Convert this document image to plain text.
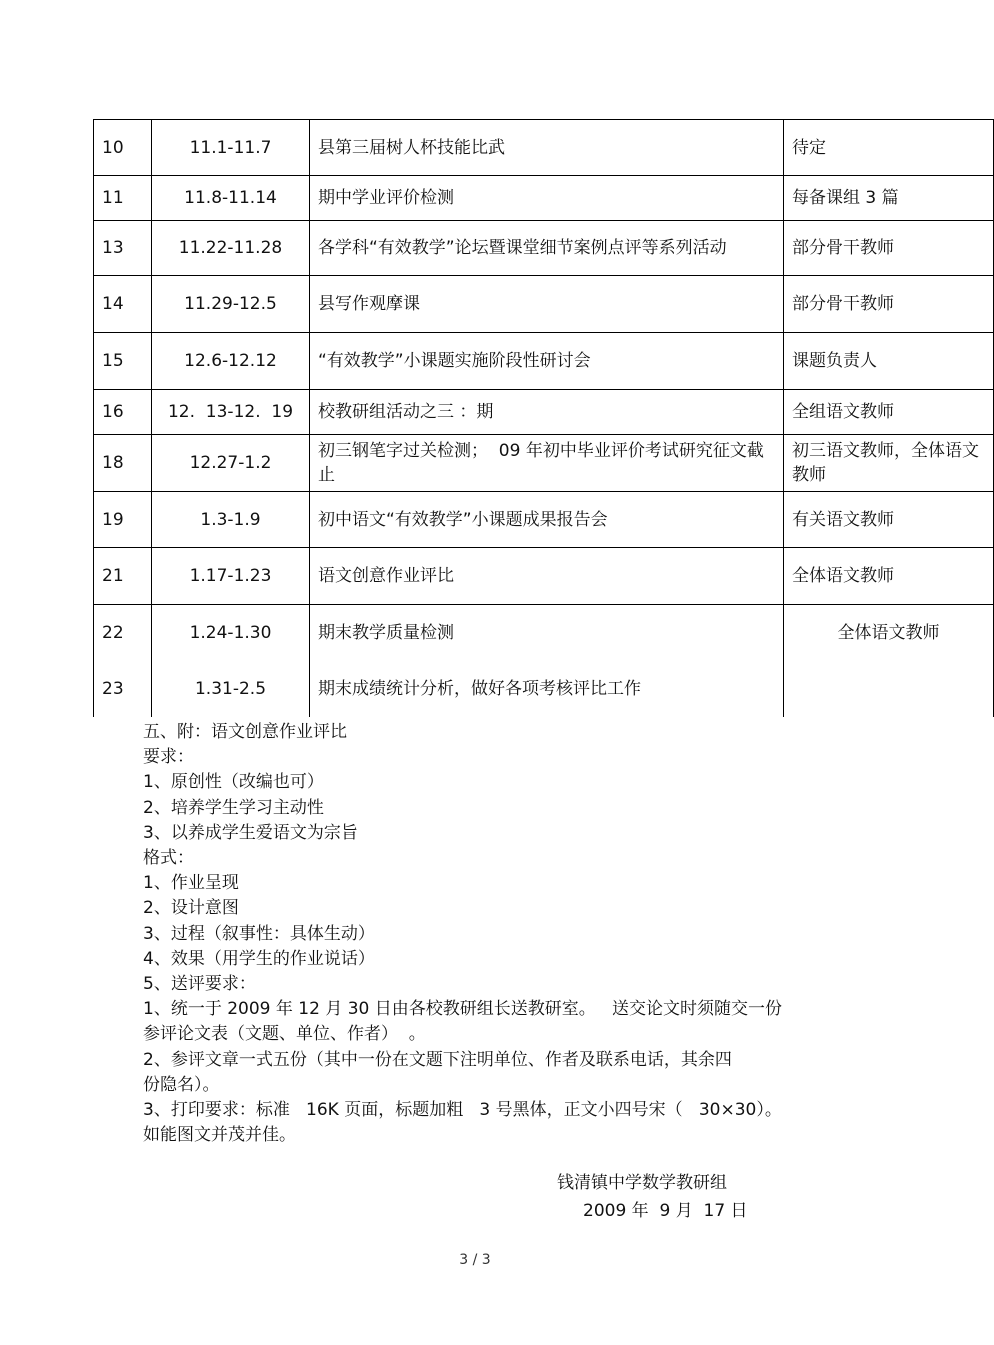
10	11.1-11.7	县第三届树人杯技能比武	待定
11	11.8-11.14	期中学业评价检测	每备课组 3 篇
13	11.22-11.28	各学科“有效教学”论坛暨课堂细节案例点评等系列活动	部分骨干教师
14	11.29-12.5	县写作观摩课	部分骨干教师
15	12.6-12.12	“有效教学”小课题实施阶段性研讨会	课题负责人
16	12.  13-12.  19	校教研组活动之三 ：期	全组语文教师
18	12.27-1.2	初三钢笔字过关检测；  09 年初中毕业评价考试研究征文截止	初三语文教师，全体语文教师
19	1.3-1.9	初中语文“有效教学”小课题成果报告会	有关语文教师
21	1.17-1.23	语文创意作业评比	全体语文教师
22	1.24-1.30	期末教学质量检测	全体语文教师
23	1.31-2.5	期末成绩统计分析，做好各项考核评比工作	
五、附：语文创意作业评比
要求：
1、原创性（改编也可）
2、培养学生学习主动性
3、以养成学生爱语文为宗旨
格式：
1、作业呈现
2、设计意图
3、过程（叙事性：具体生动）
4、效果（用学生的作业说话）
5、送评要求：
1、统一于 2009 年 12 月 30 日由各校教研组长送教研室。   送交论文时须随交一份
参评论文表（文题、单位、作者）  。
2、参评文章一式五份（其中一份在文题下注明单位、作者及联系电话，其余四
份隐名）。
3、打印要求：标准   16K 页面，标题加粗   3 号黑体，正文小四号宋（   30×30）。
如能图文并茂并佳。
钱清镇中学数学教研组
2009 年  9 月  17 日
3 / 3
